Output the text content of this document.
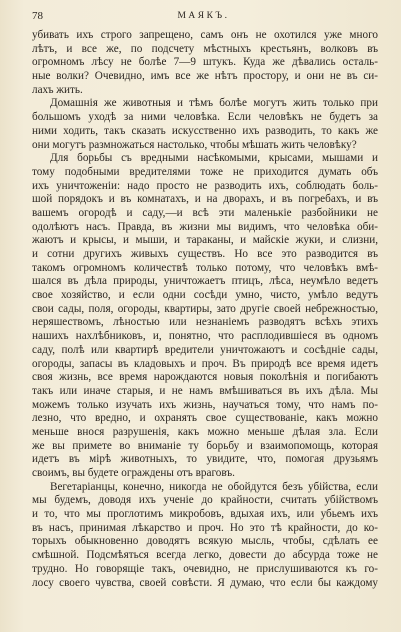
78	МАЯКЪ.
убивать ихъ строго запрещено, самъ онъ не охотился уже много
лѣтъ, и все же, по подсчету мѣстныхъ крестьянъ, волковъ въ
огромномъ лѣсу не болѣе 7—9 штукъ. Куда же дѣвались осталь-
ные волки? Очевидно, имъ все же нѣтъ простору, и они не въ си-
лахъ жить.
Домашнія же животныя и тѣмъ болѣе могутъ жить только при
большомъ уходѣ за ними человѣка. Если человѣкъ не будетъ за
ними ходить, такъ сказать искусственно ихъ разводить, то какъ же
они могутъ размножаться настолько, чтобы мѣшать жить человѣку?
Для борьбы съ вредными насѣкомыми, крысами, мышами и
тому подобными вредителями тоже не приходится думать объ
ихъ уничтоженіи: надо просто не разводить ихъ, соблюдать боль-
шой порядокъ и въ комнатахъ, и на дворахъ, и въ погребахъ, и въ
вашемъ огородѣ и саду,—и всѣ эти маленькіе разбойники не
одолѣютъ насъ. Правда, въ жизни мы видимъ, что человѣка оби-
жаютъ и крысы, и мыши, и тараканы, и майскіе жуки, и слизни,
и сотни другихъ живыхъ существъ. Но все это разводится въ
такомъ огромномъ количествѣ только потому, что человѣкъ вмѣ-
шался въ дѣла природы, уничтожаетъ птицъ, лѣса, неумѣло ведетъ
свое хозяйство, и если одни сосѣди умно, чисто, умѣло ведутъ
свои сады, поля, огороды, квартиры, зато другіе своей небрежностью,
неряшествомъ, лѣностью или незнаніемъ разводятъ всѣхъ этихъ
нашихъ нахлѣбниковъ, и, понятно, что расплодившіеся въ одномъ
саду, полѣ или квартирѣ вредители уничтожаютъ и сосѣдніе сады,
огороды, запасы въ кладовыхъ и проч. Въ природѣ все время идетъ
своя жизнь, все время нарождаются новыя поколѣнія и погибаютъ
такъ или иначе старыя, и не намъ вмѣшиваться въ ихъ дѣла. Мы
можемъ только изучать ихъ жизнь, научаться тому, что намъ по-
лезно, что вредно, и охранять свое существованіе, какъ можно
меньше внося разрушенія, какъ можно меньше дѣлая зла. Если
же вы примете во вниманіе ту борьбу и взаимопомощь, которая
идетъ въ мірѣ животныхъ, то увидите, что, помогая друзьямъ
своимъ, вы будете ограждены отъ враговъ.
Вегетаріанцы, конечно, никогда не обойдутся безъ убійства, если
мы будемъ, доводя ихъ ученіе до крайности, считать убійствомъ
и то, что мы проглотимъ микробовъ, вдыхая ихъ, или убьемъ ихъ
въ насъ, принимая лѣкарство и проч. Но это тѣ крайности, до ко-
торыхъ обыкновенно доводятъ всякую мысль, чтобы, сдѣлать ее
смѣшной. Подсмѣяться всегда легко, довести до абсурда тоже не
трудно. Но говорящіе такъ, очевидно, не прислушиваются къ го-
лосу своего чувства, своей совѣсти. Я думаю, что если бы каждому
